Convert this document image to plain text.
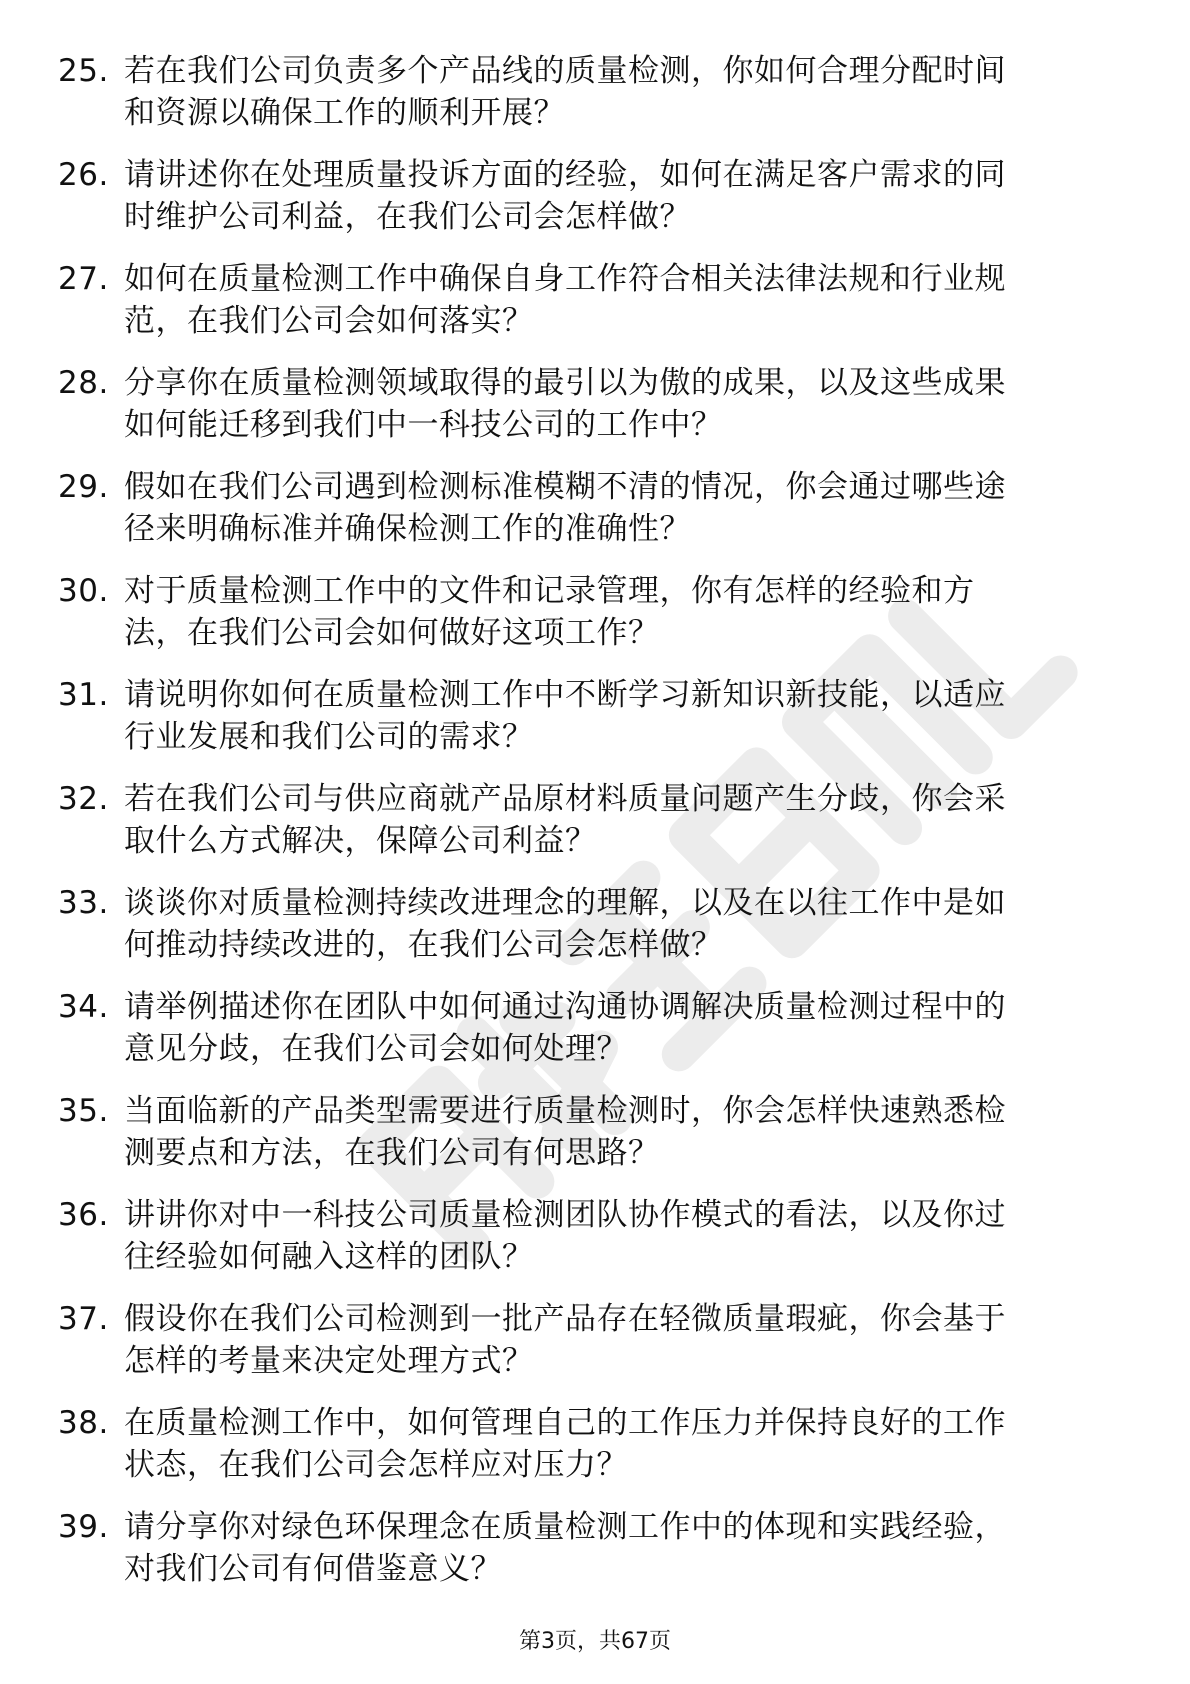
25. 若在我们公司负责多个产品线的质量检测，你如何合理分配时间
和资源以确保工作的顺利开展？
26. 请讲述你在处理质量投诉方面的经验，如何在满足客户需求的同
时维护公司利益，在我们公司会怎样做？
27. 如何在质量检测工作中确保自身工作符合相关法律法规和行业规
范，在我们公司会如何落实？
28. 分享你在质量检测领域取得的最引以为傲的成果，以及这些成果
如何能迁移到我们中一科技公司的工作中？
29. 假如在我们公司遇到检测标准模糊不清的情况，你会通过哪些途
径来明确标准并确保检测工作的准确性？
30. 对于质量检测工作中的文件和记录管理，你有怎样的经验和方
法，在我们公司会如何做好这项工作？
31. 请说明你如何在质量检测工作中不断学习新知识新技能，以适应
行业发展和我们公司的需求？
32. 若在我们公司与供应商就产品原材料质量问题产生分歧，你会采
取什么方式解决，保障公司利益？
33. 谈谈你对质量检测持续改进理念的理解，以及在以往工作中是如
何推动持续改进的，在我们公司会怎样做？
34. 请举例描述你在团队中如何通过沟通协调解决质量检测过程中的
意见分歧，在我们公司会如何处理？
35. 当面临新的产品类型需要进行质量检测时，你会怎样快速熟悉检
测要点和方法，在我们公司有何思路？
36. 讲讲你对中一科技公司质量检测团队协作模式的看法，以及你过
往经验如何融入这样的团队？
37. 假设你在我们公司检测到一批产品存在轻微质量瑕疵，你会基于
怎样的考量来决定处理方式？
38. 在质量检测工作中，如何管理自己的工作压力并保持良好的工作
状态，在我们公司会怎样应对压力？
39. 请分享你对绿色环保理念在质量检测工作中的体现和实践经验，
对我们公司有何借鉴意义？
第3页，共67页
